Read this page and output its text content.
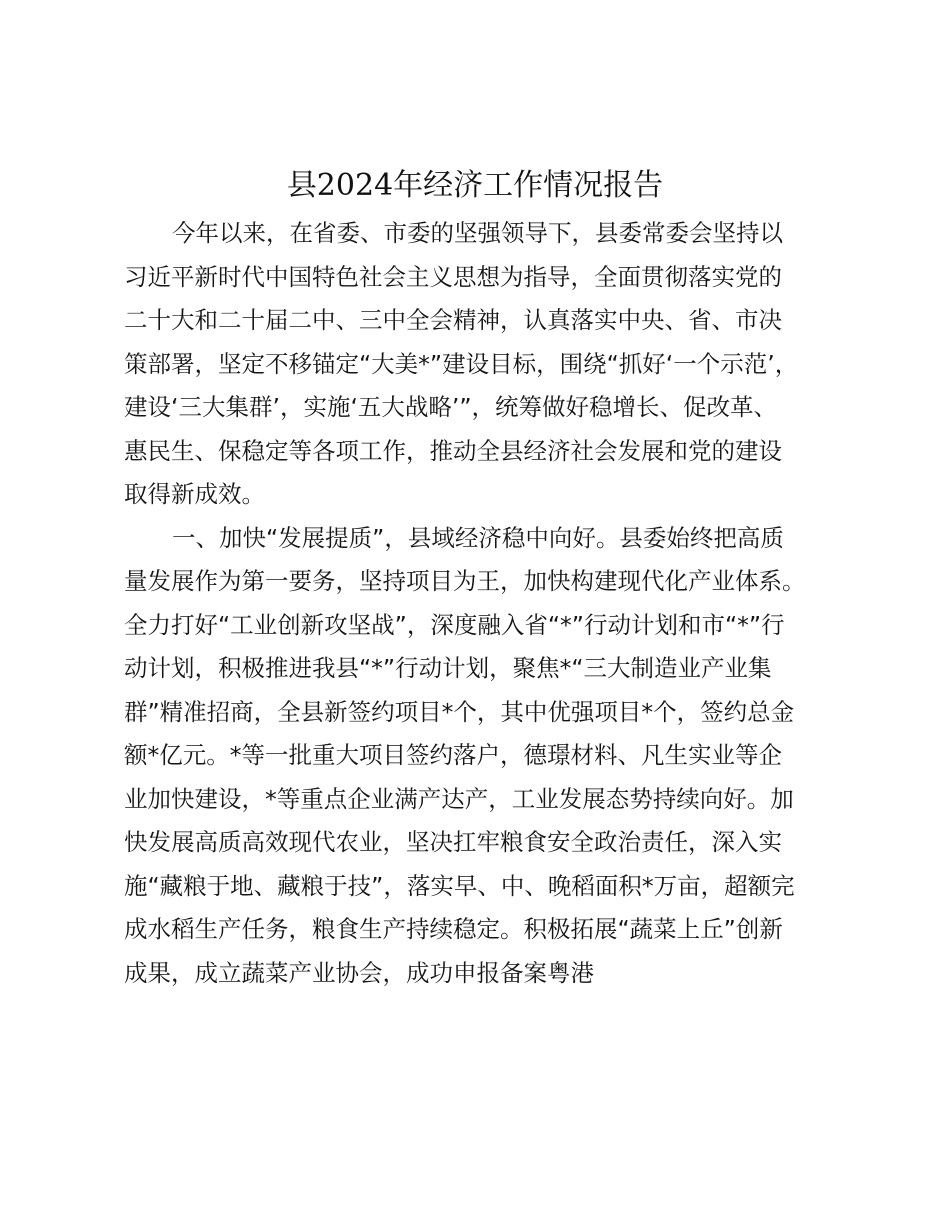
县2024年经济工作情况报告
今年以来，在省委、市委的坚强领导下，县委常委会坚持以
习近平新时代中国特色社会主义思想为指导，全面贯彻落实党的
二十大和二十届二中、三中全会精神，认真落实中央、省、市决
策部署，坚定不移锚定“大美*”建设目标，围绕“抓好‘一个示范’，
建设‘三大集群’，实施‘五大战略’”，统筹做好稳增长、促改革、
惠民生、保稳定等各项工作，推动全县经济社会发展和党的建设
取得新成效。
一、加快“发展提质”，县域经济稳中向好。县委始终把高质
量发展作为第一要务，坚持项目为王，加快构建现代化产业体系。
全力打好“工业创新攻坚战”，深度融入省“*”行动计划和市“*”行
动计划，积极推进我县“*”行动计划，聚焦*“三大制造业产业集
群”精准招商，全县新签约项目*个，其中优强项目*个，签约总金
额*亿元。*等一批重大项目签约落户，德璟材料、凡生实业等企
业加快建设，*等重点企业满产达产，工业发展态势持续向好。加
快发展高质高效现代农业，坚决扛牢粮食安全政治责任，深入实
施“藏粮于地、藏粮于技”，落实早、中、晚稻面积*万亩，超额完
成水稻生产任务，粮食生产持续稳定。积极拓展“蔬菜上丘”创新
成果，成立蔬菜产业协会，成功申报备案粤港
